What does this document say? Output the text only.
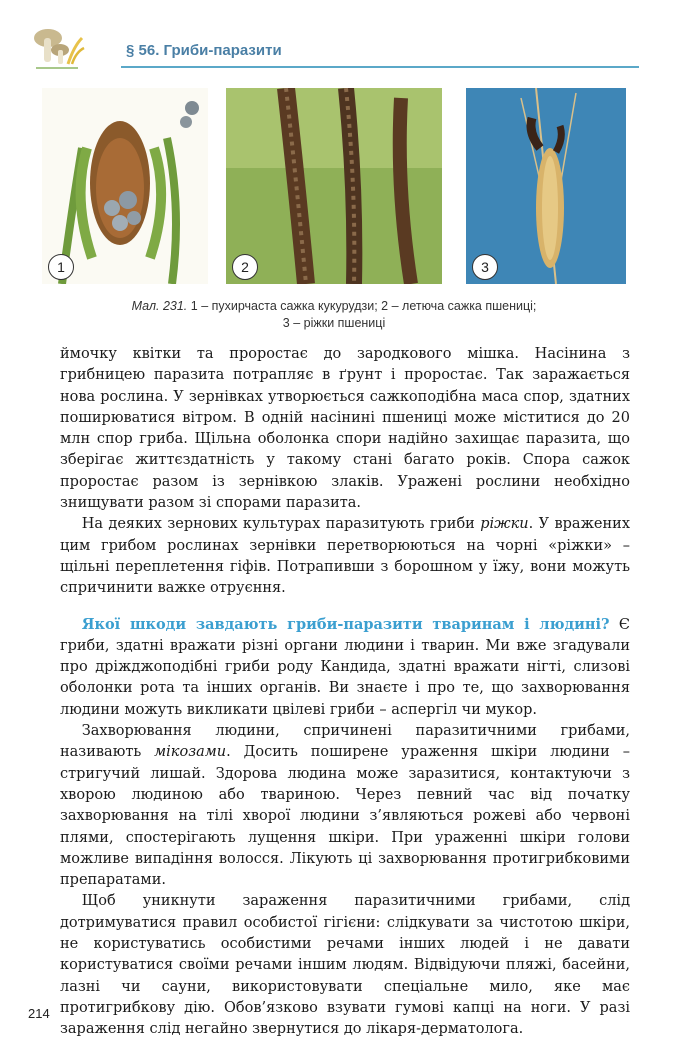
§ 56. Гриби-паразити
1	2	3
Мал. 231. 1 – пухирчаста сажка кукурудзи; 2 – летюча сажка пшениці;
3 – ріжки пшениці

ймочку квітки та проростає до зародкового мішка. Насінина з грибницею паразита потрапляє в ґрунт і проростає. Так заражається нова рослина. У зернівках утворюється сажкоподібна маса спор, здатних поширюватися вітром. В одній насінині пшениці може міститися до 20 млн спор гриба. Щільна оболонка спори надійно захищає паразита, що зберігає життєздатність у такому стані багато років. Спора сажок проростає разом із зернівкою злаків. Уражені рослини необхідно знищувати разом зі спорами паразита.

  На деяких зернових культурах паразитують гриби ріжки. У вражених цим грибом рослинах зернівки перетворюються на чорні «ріжки» – щільні переплетення гіфів. Потрапивши з борошном у їжу, вони можуть спричинити важке отруєння.

  Якої шкоди завдають гриби-паразити тваринам і людині? Є гриби, здатні вражати різні органи людини і тварин. Ми вже згадували про дріжджоподібні гриби роду Кандида, здатні вражати нігті, слизові оболонки рота та інших органів. Ви знаєте і про те, що захворювання людини можуть викликати цвілеві гриби – аспергіл чи мукор.

  Захворювання людини, спричинені паразитичними грибами, називають мікозами. Досить поширене ураження шкіри людини – стригучий лишай. Здорова людина може заразитися, контактуючи з хворою людиною або твариною. Через певний час від початку захворювання на тілі хворої людини з’являються рожеві або червоні плями, спостерігають лущення шкіри. При ураженні шкіри голови можливе випадіння волосся. Лікують ці захворювання протигрибковими препаратами.

  Щоб уникнути зараження паразитичними грибами, слід дотримуватися правил особистої гігієни: слідкувати за чистотою шкіри, не користуватись особистими речами інших людей і не давати користуватися своїми речами іншим людям. Відвідуючи пляжі, басейни, лазні чи сауни, використовувати спеціальне мило, яке має протигрибкову дію. Обов’язково взувати гумові капці на ноги. У разі зараження слід негайно звернутися до лікаря-дерматолога.

214
